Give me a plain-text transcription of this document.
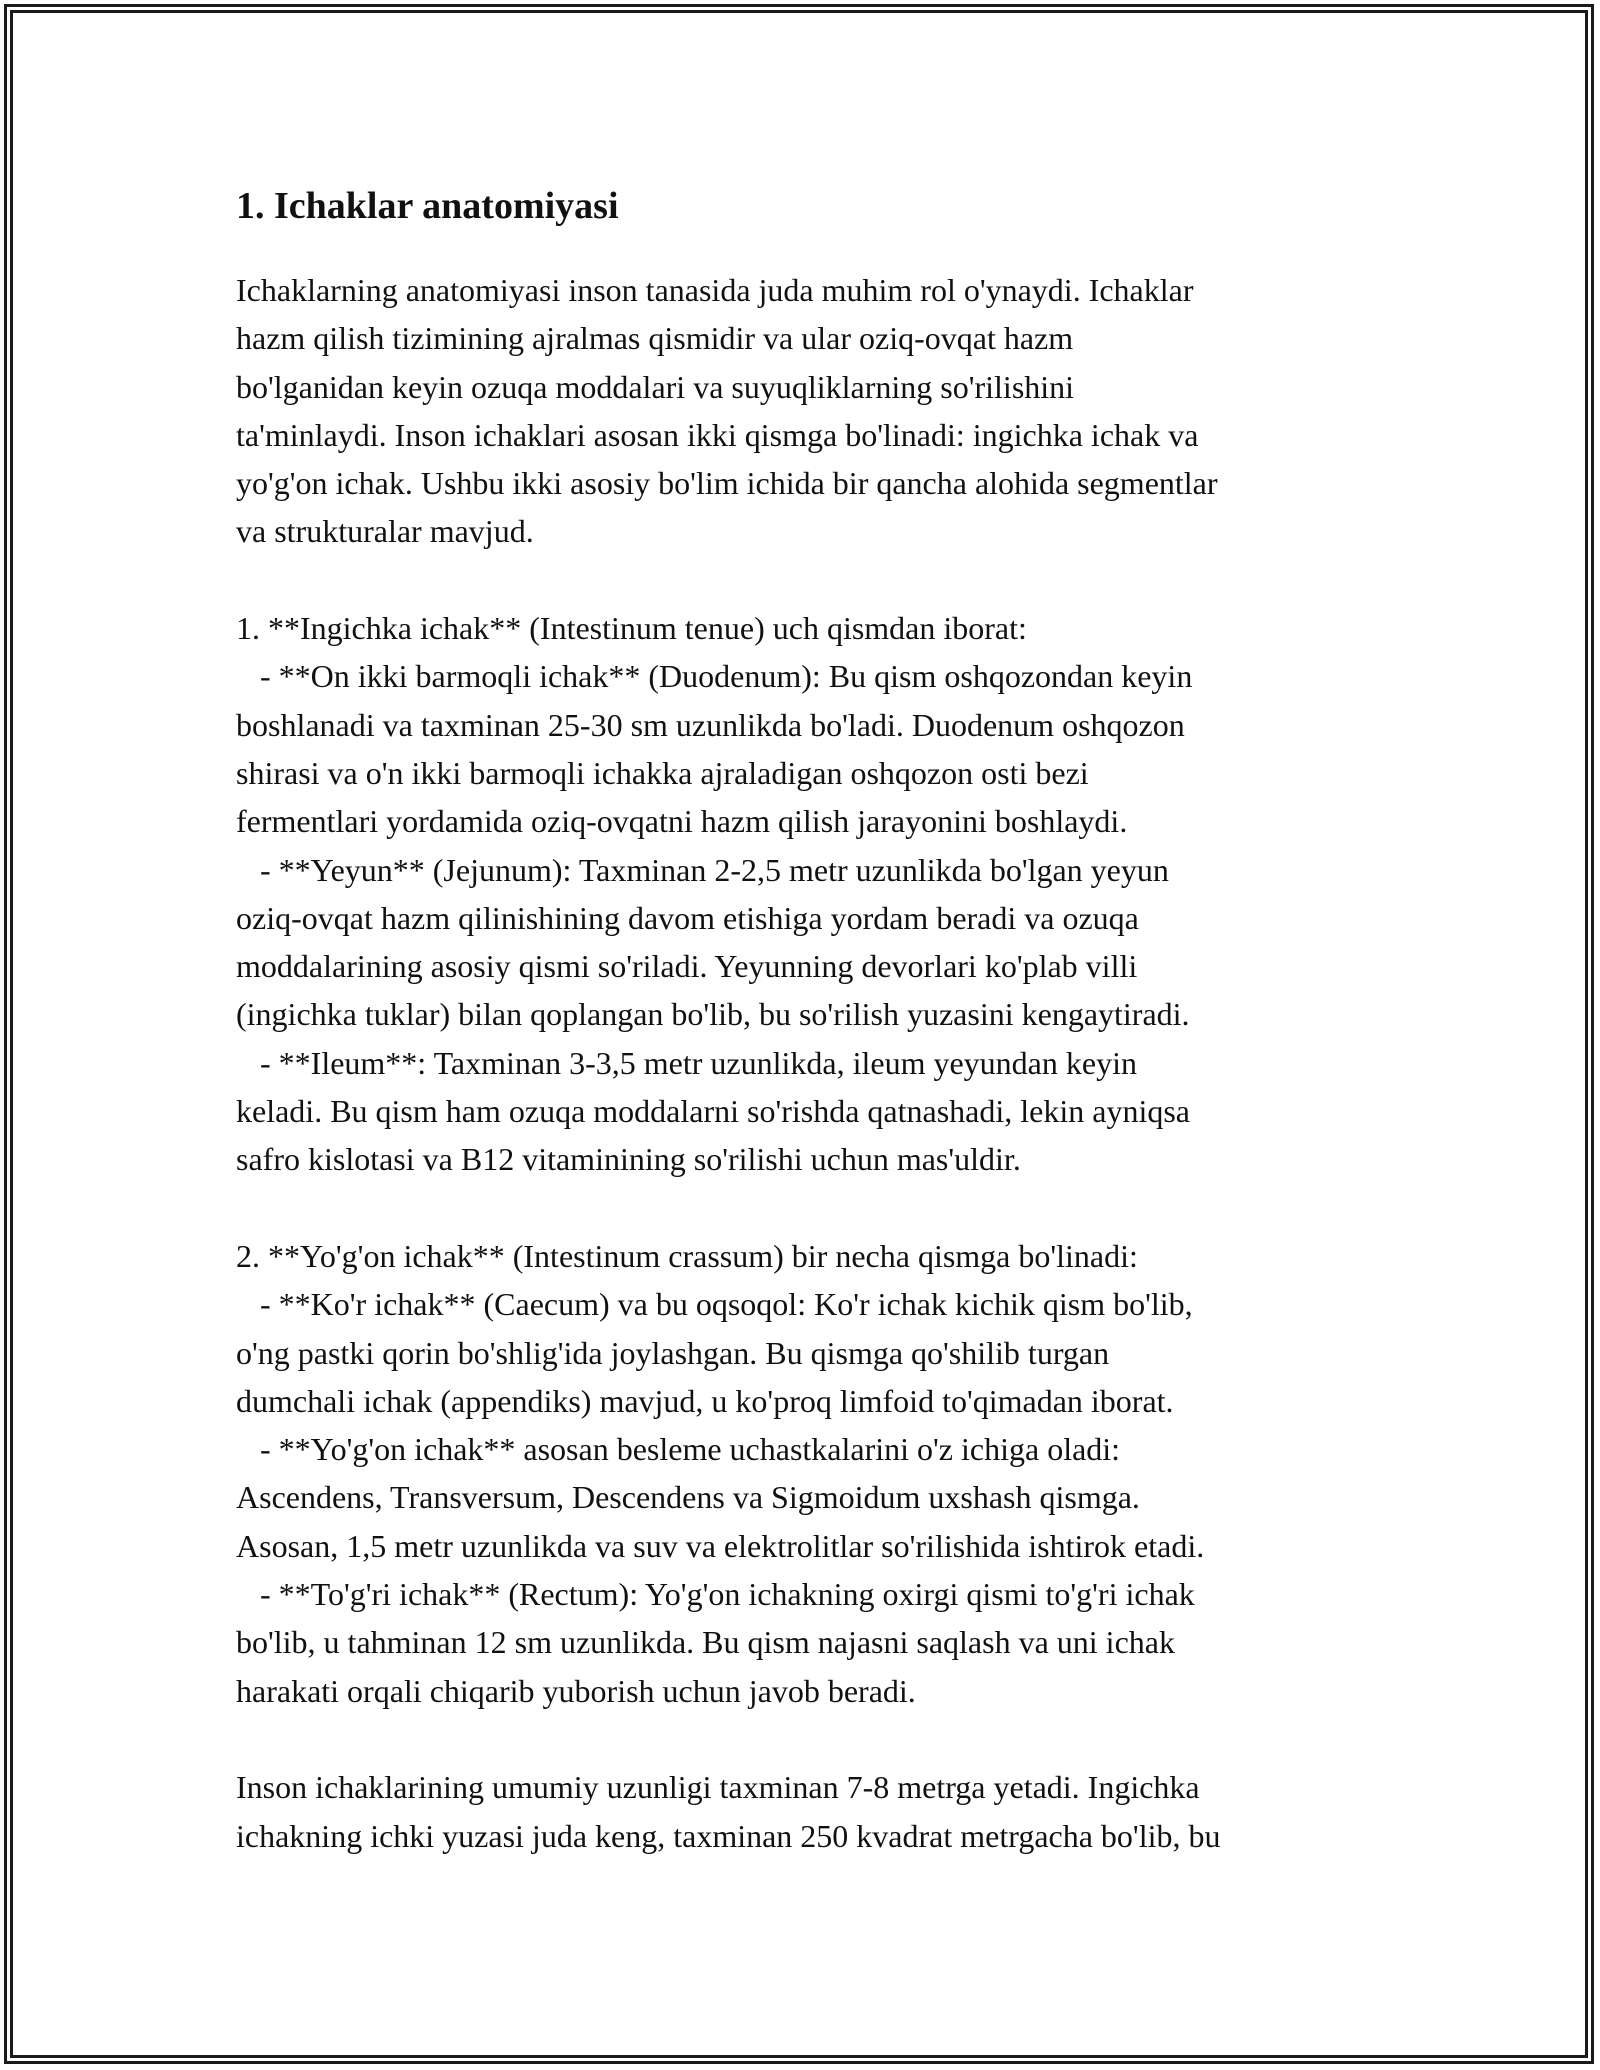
1. Ichaklar anatomiyasi
Ichaklarning anatomiyasi inson tanasida juda muhim rol o'ynaydi. Ichaklar
hazm qilish tizimining ajralmas qismidir va ular oziq-ovqat hazm
bo'lganidan keyin ozuqa moddalari va suyuqliklarning so'rilishini
ta'minlaydi. Inson ichaklari asosan ikki qismga bo'linadi: ingichka ichak va
yo'g'on ichak. Ushbu ikki asosiy bo'lim ichida bir qancha alohida segmentlar
va strukturalar mavjud.
1. **Ingichka ichak** (Intestinum tenue) uch qismdan iborat:
- **On ikki barmoqli ichak** (Duodenum): Bu qism oshqozondan keyin
boshlanadi va taxminan 25-30 sm uzunlikda bo'ladi. Duodenum oshqozon
shirasi va o'n ikki barmoqli ichakka ajraladigan oshqozon osti bezi
fermentlari yordamida oziq-ovqatni hazm qilish jarayonini boshlaydi.
- **Yeyun** (Jejunum): Taxminan 2-2,5 metr uzunlikda bo'lgan yeyun
oziq-ovqat hazm qilinishining davom etishiga yordam beradi va ozuqa
moddalarining asosiy qismi so'riladi. Yeyunning devorlari ko'plab villi
(ingichka tuklar) bilan qoplangan bo'lib, bu so'rilish yuzasini kengaytiradi.
- **Ileum**: Taxminan 3-3,5 metr uzunlikda, ileum yeyundan keyin
keladi. Bu qism ham ozuqa moddalarni so'rishda qatnashadi, lekin ayniqsa
safro kislotasi va B12 vitaminining so'rilishi uchun mas'uldir.
2. **Yo'g'on ichak** (Intestinum crassum) bir necha qismga bo'linadi:
- **Ko'r ichak** (Caecum) va bu oqsoqol: Ko'r ichak kichik qism bo'lib,
o'ng pastki qorin bo'shlig'ida joylashgan. Bu qismga qo'shilib turgan
dumchali ichak (appendiks) mavjud, u ko'proq limfoid to'qimadan iborat.
- **Yo'g'on ichak** asosan besleme uchastkalarini o'z ichiga oladi:
Ascendens, Transversum, Descendens va Sigmoidum uxshash qismga.
Asosan, 1,5 metr uzunlikda va suv va elektrolitlar so'rilishida ishtirok etadi.
- **To'g'ri ichak** (Rectum): Yo'g'on ichakning oxirgi qismi to'g'ri ichak
bo'lib, u tahminan 12 sm uzunlikda. Bu qism najasni saqlash va uni ichak
harakati orqali chiqarib yuborish uchun javob beradi.
Inson ichaklarining umumiy uzunligi taxminan 7-8 metrga yetadi. Ingichka
ichakning ichki yuzasi juda keng, taxminan 250 kvadrat metrgacha bo'lib, bu
